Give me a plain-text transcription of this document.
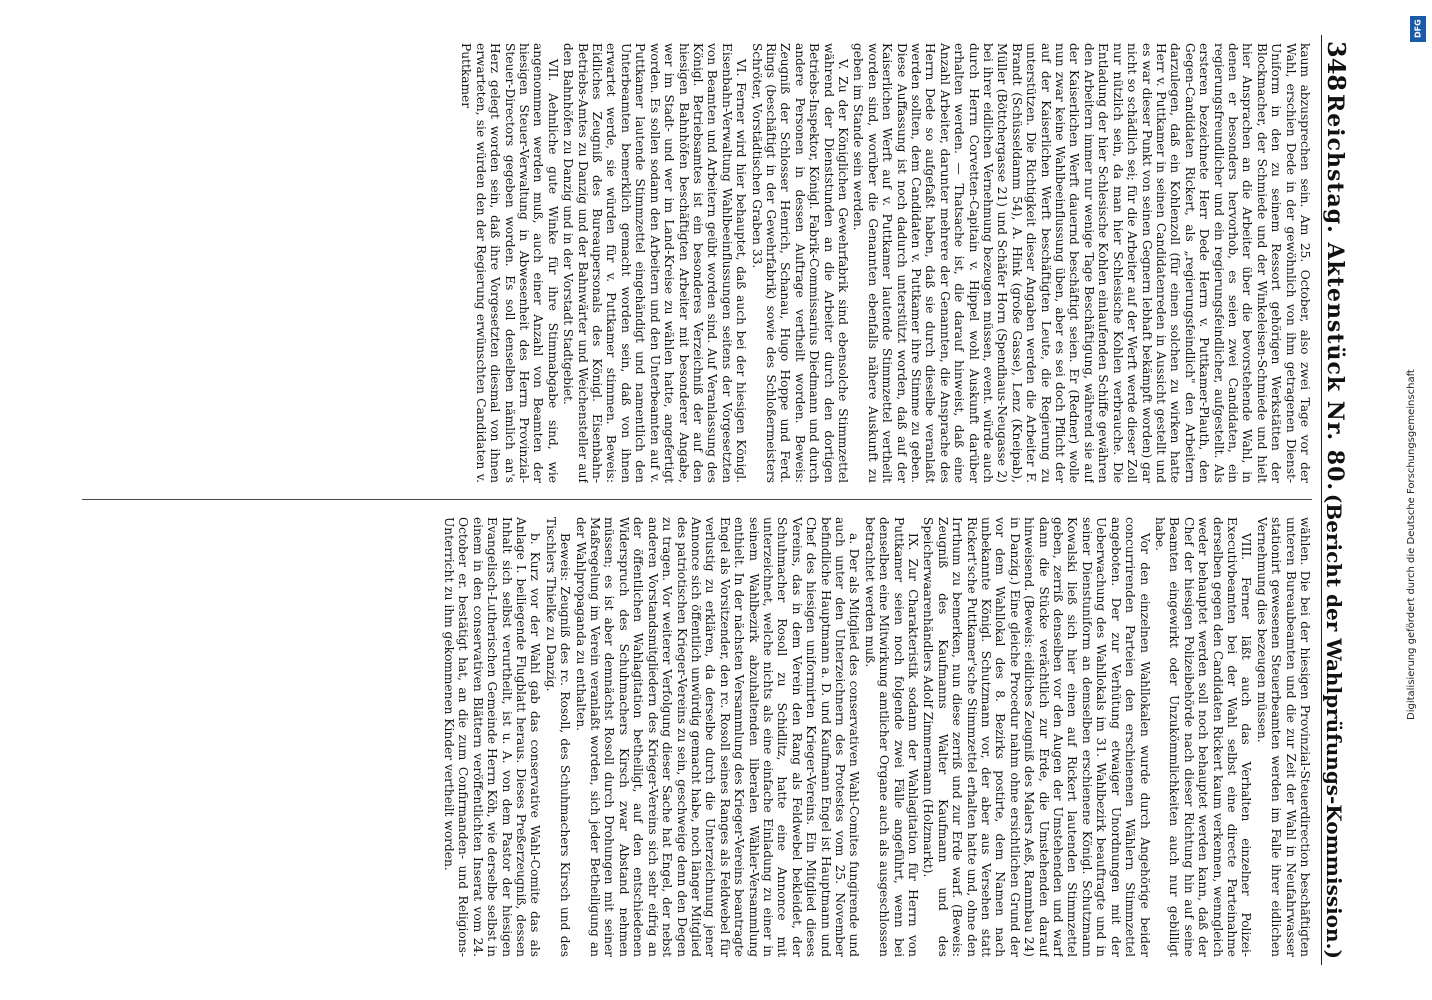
348
Reichstag. Aktenstück Nr. 80.
(Bericht der Wahlprüfungs-Kommission.)

kaum abzusprechen sein. Am 25. October, also zwei Tage vor der Wahl, erschien Dede in der gewöhnlich von ihm getragenen Dienst-Uniform in den zu seinem Ressort gehörigen Werkstätten der Blockmacher, der Schmiede und der Winkeleisen-Schmiede und hielt hier Ansprachen an die Arbeiter über die bevorstehende Wahl, in denen er besonders hervorhob, es seien zwei Candidaten, ein regierungsfreundlicher und ein regierungsfeindlicher, aufgestellt. Als ersteren bezeichnete Herr Dede Herrn v. Puttkamer-Plauth, den Gegen-Candidaten Rickert, als „regierungsfeindlich" den Arbeitern darzulegen, daß ein Kohlenzoll (für einen solchen zu wirken hatte Herr v. Puttkamer in seinen Candidatenreden in Aussicht gestellt und es war dieser Punkt von seinen Gegnern lebhaft bekämpft worden) gar nicht so schädlich sei; für die Arbeiter auf der Werft werde dieser Zoll nur nützlich sein, da man hier Schlesische Kohlen verbrauche. Die Entladung der hier Schlesische Kohlen einlaufenden Schiffe gewähren den Arbeitern immer nur wenige Tage Beschäftigung, während sie auf der Kaiserlichen Werft dauernd beschäftigt seien. Er (Redner) wolle nun zwar keine Wahlbeeinflussung üben, aber es sei doch Pflicht der auf der Kaiserlichen Werft beschäftigten Leute, die Regierung zu unterstützen. Die Richtigkeit dieser Angaben werden die Arbeiter F. Brandt (Schüsseldamm 54), A. Hink (große Gasse), Lenz (Kneipab), Müller (Böttchergasse 21) und Schäfer Horn (Spendhaus-Neugasse 2) bei ihrer eidlichen Vernehmung bezeugen müssen, event. würde auch durch Herrn Corvetten-Capitain v. Hippel wohl Auskunft darüber erhalten werden. — Thatsache ist, die darauf hinweist, daß eine Anzahl Arbeiter, darunter mehrere der Genannten, die Ansprache des Herrn Dede so aufgefaßt haben, daß sie durch dieselbe veranlaßt werden sollten, dem Candidaten v. Puttkamer ihre Stimme zu geben. Diese Auffassung ist noch dadurch unterstützt worden, daß auf der Kaiserlichen Werft auf v. Puttkamer lautende Stimmzettel vertheilt worden sind, worüber die Genannten ebenfalls nähere Auskunft zu geben im Stande sein werden.

V. Zu der Königlichen Gewehrfabrik sind ebensolche Stimmzettel während der Dienststunden an die Arbeiter durch den dortigen Betriebs-Inspektor, Königl. Fabrik-Commissarius Diedmann und durch andere Personen in dessen Auftrage vertheilt worden. Beweis: Zeugniß der Schlosser Henrich, Schanau, Hugo Hoppe und Ferd. Rings (beschäftigt in der Gewehrfabrik) sowie des Schloßermeisters Schröter, Vorstädtischen Graben 33.

VI. Ferner wird hier behauptet, daß auch bei der hiesigen Königl. Eisenbahn-Verwaltung Wahlbeeinflussungen seitens der Vorgesetzten von Beamten und Arbeitern geübt worden sind. Auf Veranlassung des Königl. Betriebsamtes ist ein besonderes Verzeichniß der auf den hiesigen Bahnhöfen beschäftigten Arbeiter mit besonderer Angabe, wer im Stadt- und wer im Land-Kreise zu wählen hatte, angefertigt worden. Es sollen sodann den Arbeitern und den Unterbeamten auf v. Puttkamer lautende Stimmzettel eingehändigt und namentlich den Unterbeamten bemerklich gemacht worden sein, daß von ihnen erwartet werde, sie würden für v. Puttkamer stimmen. Beweis: Eidliches Zeugniß des Bureaupersonals des Königl. Eisenbahn-Betriebs-Amtes zu Danzig und der Bahnwärter und Weichensteller auf den Bahnhöfen zu Danzig und in der Vorstadt Stadtgebiet.

VII. Aehnliche gute Winke für ihre Stimmabgabe sind, wie angenommen werden muß, auch einer Anzahl von Beamten der hiesigen Steuer-Verwaltung in Abwesenheit des Herrn Provinzial-Steuer-Directors gegeben worden. Es soll denselben nämlich an's Herz gelegt worden sein, daß ihre Vorgesetzten diesmal von ihnen erwarteten, sie würden den der Regierung erwünschten Candidaten v. Puttkamer

wählen. Die bei der hiesigen Provinzial-Steuerdirection beschäftigten unteren Bureaubeamten und die zur Zeit der Wahl in Neufahrwasser stationirt gewesenen Steuerbeamten werden im Falle ihrer eidlichen Vernehmung dies bezeugen müssen.

VIII. Ferner läßt auch das Verhalten einzelner Polizei-Executivbeamten bei der Wahl selbst eine directe Parteinahme derselben gegen den Candidaten Rickert kaum verkennen, wenngleich weder behauptet werden soll noch behauptet werden kann, daß der Chef der hiesigen Polizeibehörde nach dieser Richtung hin auf seine Beamten eingewirkt oder Unzukömmlichkeiten auch nur gebilligt habe.

Vor den einzelnen Wahllokalen wurde durch Angehörige beider concurrirenden Parteien den erschienenen Wählern Stimmzettel angeboten. Der zur Verhütung etwaiger Unordnungen mit der Ueberwachung des Wahllokals im 31. Wahlbezirk beauftragte und in seiner Dienstuniform an demselben erschienene Königl. Schutzmann Kowalski ließ sich hier einen auf Rickert lautenden Stimmzettel geben, zerriß denselben vor den Augen der Umstehenden und warf dann die Stücke verächtlich zur Erde, die Umstehenden darauf hinweisend. (Beweis: eidliches Zeugniß des Malers Aeß, Rammbau 24) in Danzig.) Eine gleiche Procedur nahm ohne ersichtlichen Grund der vor dem Wahllokal des 8. Bezirks postirte, dem Namen nach unbekannte Königl. Schutzmann vor, der aber aus Versehen statt Rickert'sche Puttkamer'sche Stimmzettel erhalten hatte und, ohne den Irrthum zu bemerken, nun diese zerriß und zur Erde warf. (Beweis: Zeugniß des Kaufmanns Walter Kaufmann und des Speicherwaarenhändlers Adolf Zimmermann (Holzmarkt).

IX. Zur Charakteristik sodann der Wahlagitation für Herrn von Puttkamer seien noch folgende zwei Fälle angeführt, wenn bei denselben eine Mitwirkung amtlicher Organe auch als ausgeschlossen betrachtet werden muß.

a. Der als Mitglied des conservativen Wahl-Comites fungirende und auch unter den Unterzeichnern des Protestes vom 25. November befindliche Hauptmann a. D. und Kaufmann Engel ist Hauptmann und Chef des hiesigen uniformirten Krieger-Vereins. Ein Mitglied dieses Vereins, das in dem Verein den Rang als Feldwebel bekleidet, der Schuhmacher Rosoll zu Schidlitz, hatte eine Annonce mit unterzeichnet, welche nichts als eine einfache Einladung zu einer in seinem Wahlbezirk abzuhaltenden liberalen Wähler-Versammlung enthielt. In der nächsten Versammlung des Krieger-Vereins beantragte Engel als Vorsitzender, den rc. Rosoll seines Ranges als Feldwebel für verlustig zu erklären, da derselbe durch die Unterzeichnung jener Annonce sich öffentlich unwürdig gemacht habe, noch länger Mitglied des patriotischen Krieger-Vereins zu sein, geschweige denn den Degen zu tragen. Vor weiterer Verfolgung dieser Sache hat Engel, der nebst anderen Vorstandsmitgliedern des Krieger-Vereins sich sehr eifrig an der öffentlichen Wahlagitation betheiligt, auf den entschiedenen Widerspruch des Schuhmachers Kirsch zwar Abstand nehmen müssen; es ist aber demnächst Rosoll durch Drohungen mit seiner Maßregelung im Verein veranlaßt worden, sich jeder Betheiligung an der Wahlpropaganda zu enthalten.

Beweis: Zeugniß des rc. Rosoll, des Schuhmachers Kirsch und des Tischlers Thielke zu Danzig.

b. Kurz vor der Wahl gab das conservative Wahl-Comite das als Anlage I. beiliegende Flugblatt heraus. Dieses Preßerzeugniß, dessen Inhalt sich selbst verurtheilt, ist u. A. von dem Pastor der hiesigen Evangelisch-Lutherischen Gemeinde Herrn Köh, wie derselbe selbst in einem in den conservativen Blättern veröffentlichten Inserat vom 24. October er. bestätigt hat, an die zum Confirmanden- und Religions-Unterricht zu ihm gekommenen Kinder vertheilt worden.

DFG
Digitalisierung gefördert durch die Deutsche Forschungsgemeinschaft
